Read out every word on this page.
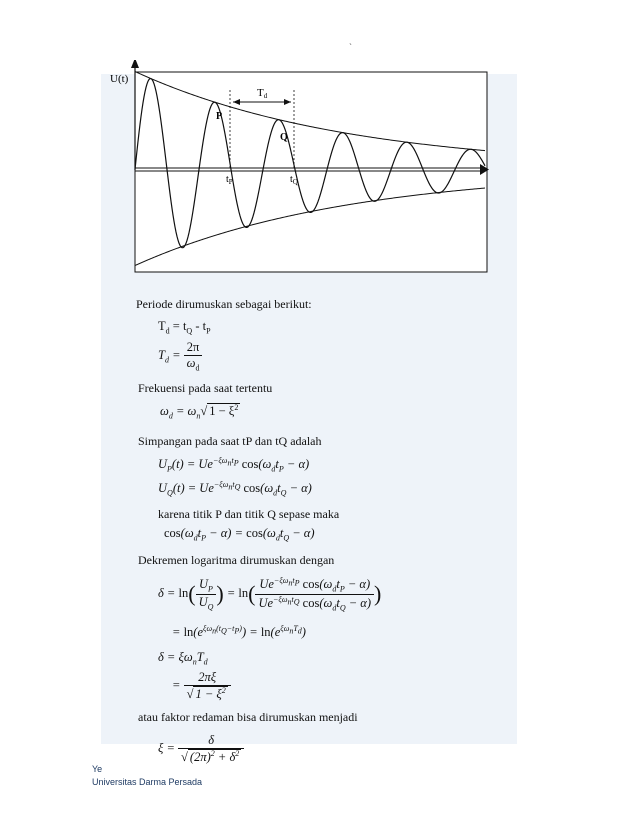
`
U(t)
Td
P
Q
$t_P$	$t_Q$
Periode dirumuskan sebagai berikut:
$T_d = t_Q - t_P$
$T_d = \frac{2\pi}{\omega_d}$
Frekuensi pada saat tertentu
$\omega_d = \omega_n√$ $1 - \xi^2$
Simpangan pada saat tP dan tQ adalah
$U_P(t) = Ue^{-\xi\omega_nt_P}$ $\cos(\omega_dt_P - \alpha)$
$U_Q(t) = Ue^{-\xi\omega_nt_Q}$ $\cos(\omega_dt_Q - \alpha)$
karena titik P dan titik Q sepase maka
$\cos(\omega_dt_P - \alpha) = \cos(\omega_dt_Q - \alpha)$
Dekremen logaritma dirumuskan dengan
$\delta = \ln( \frac{U_P}{U_Q}$ ) = $\ln( \frac{Ue^{-\xi\omega_nt_P} \cos(\omega_dt_P - \alpha)}{Ue^{-\xi\omega_nt_Q} \cos(\omega_dt_Q - \alpha)}$ )
= $\ln(e^{\xi\omega_n(t_Q-t_P)}) = \ln(e^{\xi\omega_nT_d})$
$\delta = \xi\omega_nT_d$
= $\frac{2\pi\xi}{√ 1 - \xi^2}$
atau faktor redaman bisa dirumuskan menjadi
$\xi = \frac{\delta}{√ (2\pi)^2 + \delta^2}$
Ye
Universitas Darma Persada
